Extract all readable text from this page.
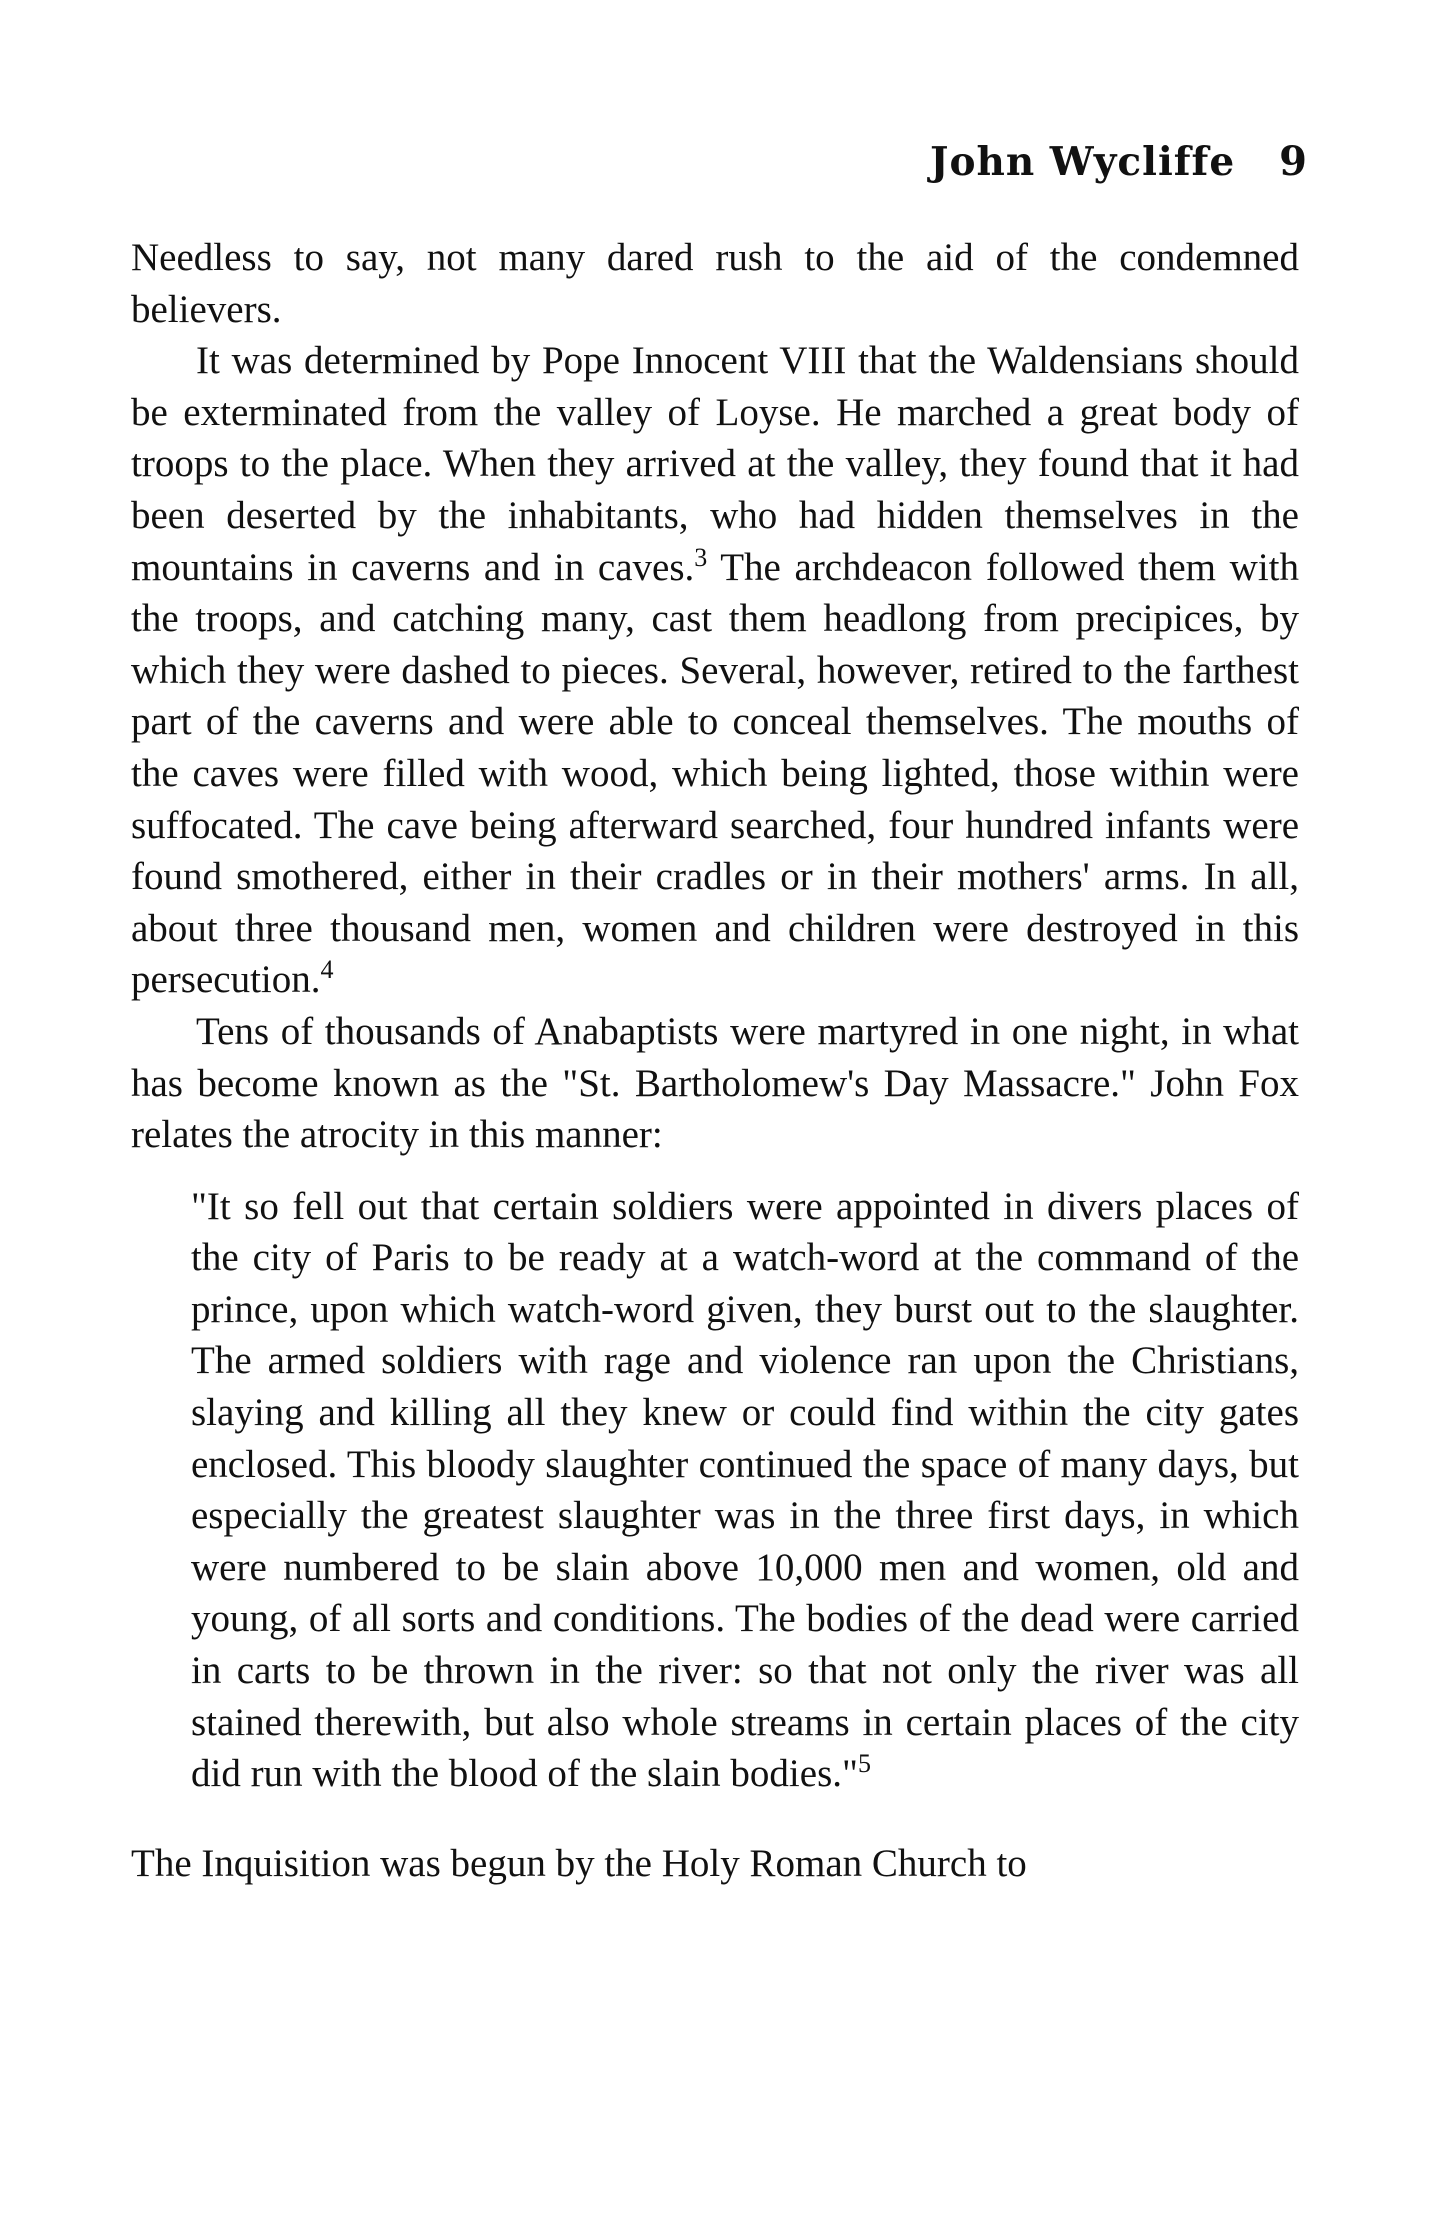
John Wycliffe 9

Needless to say, not many dared rush to the aid of the condemned believers.

It was determined by Pope Innocent VIII that the Waldensians should be exterminated from the valley of Loyse. He marched a great body of troops to the place. When they arrived at the valley, they found that it had been deserted by the inhabitants, who had hidden themselves in the mountains in caverns and in caves.$^3$ The archdeacon followed them with the troops, and catching many, cast them headlong from precipices, by which they were dashed to pieces. Several, however, retired to the farthest part of the caverns and were able to conceal themselves. The mouths of the caves were filled with wood, which being lighted, those within were suffocated. The cave being afterward searched, four hundred infants were found smothered, either in their cradles or in their mothers' arms. In all, about three thousand men, women and children were destroyed in this persecution.$^4$

Tens of thousands of Anabaptists were martyred in one night, in what has become known as the "St. Bartholomew's Day Massacre." John Fox relates the atrocity in this manner:

"It so fell out that certain soldiers were appointed in divers places of the city of Paris to be ready at a watch-word at the command of the prince, upon which watch-word given, they burst out to the slaughter. The armed soldiers with rage and violence ran upon the Christians, slaying and killing all they knew or could find within the city gates enclosed. This bloody slaughter continued the space of many days, but especially the greatest slaughter was in the three first days, in which were numbered to be slain above 10,000 men and women, old and young, of all sorts and conditions. The bodies of the dead were carried in carts to be thrown in the river: so that not only the river was all stained therewith, but also whole streams in certain places of the city did run with the blood of the slain bodies."$^5$

The Inquisition was begun by the Holy Roman Church to
